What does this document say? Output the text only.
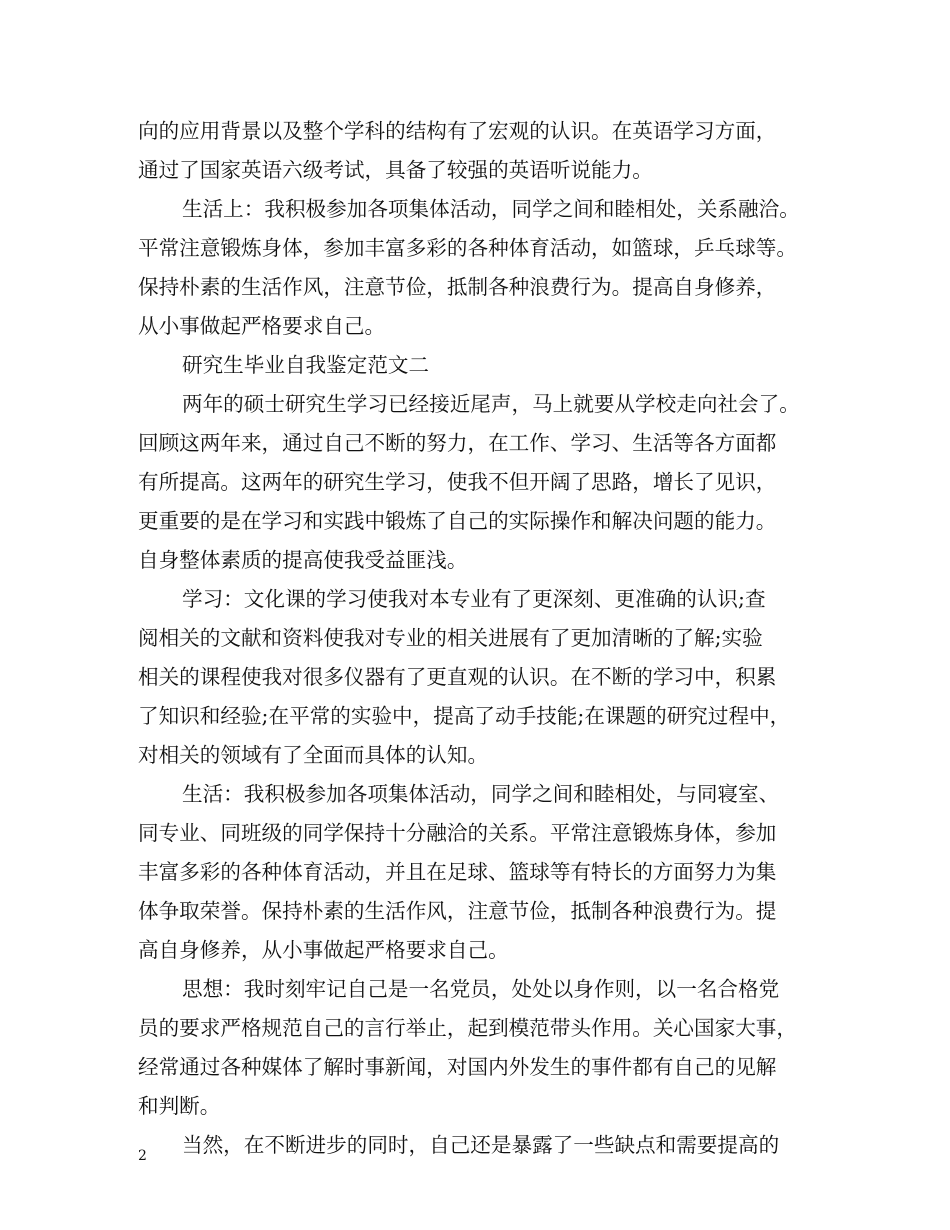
向的应用背景以及整个学科的结构有了宏观的认识。在英语学习方面，
通过了国家英语六级考试，具备了较强的英语听说能力。
生活上：我积极参加各项集体活动，同学之间和睦相处，关系融洽。
平常注意锻炼身体，参加丰富多彩的各种体育活动，如篮球，乒乓球等。
保持朴素的生活作风，注意节俭，抵制各种浪费行为。提高自身修养，
从小事做起严格要求自己。
研究生毕业自我鉴定范文二
两年的硕士研究生学习已经接近尾声，马上就要从学校走向社会了。
回顾这两年来，通过自己不断的努力，在工作、学习、生活等各方面都
有所提高。这两年的研究生学习，使我不但开阔了思路，增长了见识，
更重要的是在学习和实践中锻炼了自己的实际操作和解决问题的能力。
自身整体素质的提高使我受益匪浅。
学习：文化课的学习使我对本专业有了更深刻、更准确的认识;查
阅相关的文献和资料使我对专业的相关进展有了更加清晰的了解;实验
相关的课程使我对很多仪器有了更直观的认识。在不断的学习中，积累
了知识和经验;在平常的实验中，提高了动手技能;在课题的研究过程中，
对相关的领域有了全面而具体的认知。
生活：我积极参加各项集体活动，同学之间和睦相处，与同寝室、
同专业、同班级的同学保持十分融洽的关系。平常注意锻炼身体，参加
丰富多彩的各种体育活动，并且在足球、篮球等有特长的方面努力为集
体争取荣誉。保持朴素的生活作风，注意节俭，抵制各种浪费行为。提
高自身修养，从小事做起严格要求自己。
思想：我时刻牢记自己是一名党员，处处以身作则，以一名合格党
员的要求严格规范自己的言行举止，起到模范带头作用。关心国家大事，
经常通过各种媒体了解时事新闻，对国内外发生的事件都有自己的见解
和判断。
当然，在不断进步的同时，自己还是暴露了一些缺点和需要提高的
2
